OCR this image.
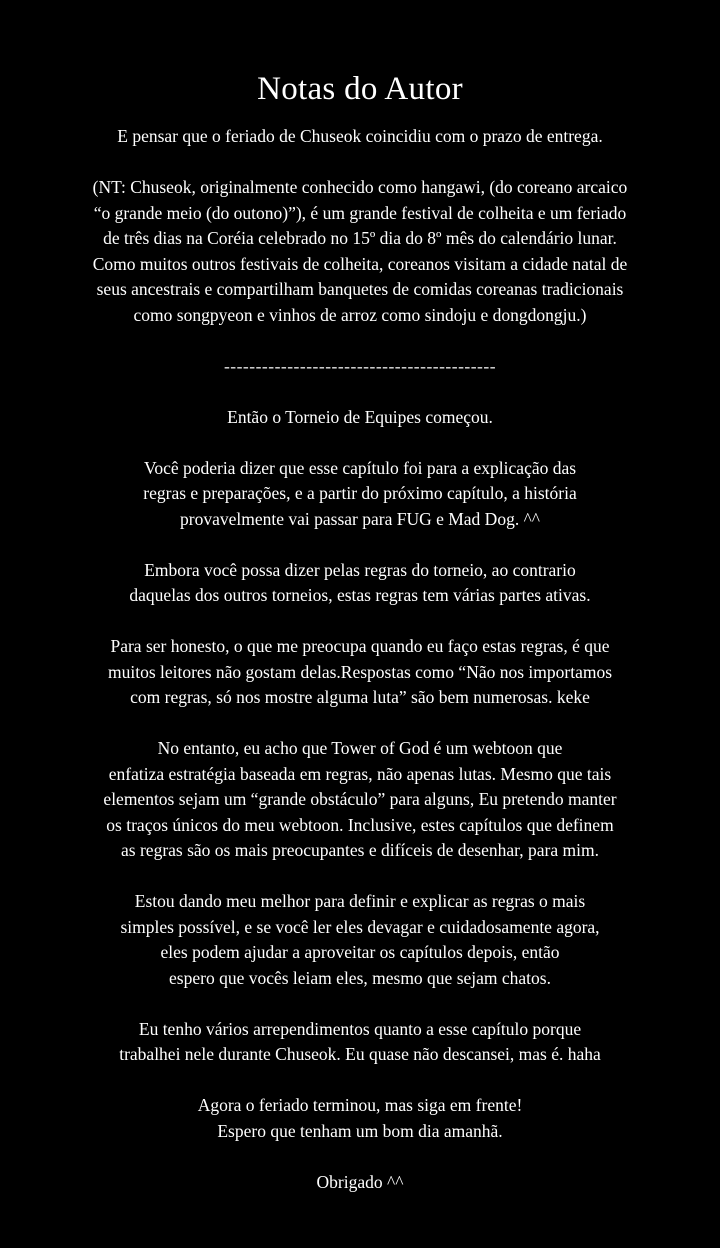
Notas do Autor

E pensar que o feriado de Chuseok coincidiu com o prazo de entrega.

(NT: Chuseok, originalmente conhecido como hangawi, (do coreano arcaico
“o grande meio (do outono)”), é um grande festival de colheita e um feriado
de três dias na Coréia celebrado no 15º dia do 8º mês do calendário lunar.
Como muitos outros festivais de colheita, coreanos visitam a cidade natal de
seus ancestrais e compartilham banquetes de comidas coreanas tradicionais
como songpyeon e vinhos de arroz como sindoju e dongdongju.)

-------------------------------------------

Então o Torneio de Equipes começou.

Você poderia dizer que esse capítulo foi para a explicação das
regras e preparações, e a partir do próximo capítulo, a história
provavelmente vai passar para FUG e Mad Dog. ^^

Embora você possa dizer pelas regras do torneio, ao contrario
daquelas dos outros torneios, estas regras tem várias partes ativas.

Para ser honesto, o que me preocupa quando eu faço estas regras, é que
muitos leitores não gostam delas.Respostas como “Não nos importamos
com regras, só nos mostre alguma luta” são bem numerosas. keke

No entanto, eu acho que Tower of God é um webtoon que
enfatiza estratégia baseada em regras, não apenas lutas. Mesmo que tais
elementos sejam um “grande obstáculo” para alguns, Eu pretendo manter
os traços únicos do meu webtoon. Inclusive, estes capítulos que definem
as regras são os mais preocupantes e difíceis de desenhar, para mim.

Estou dando meu melhor para definir e explicar as regras o mais
simples possível, e se você ler eles devagar e cuidadosamente agora,
eles podem ajudar a aproveitar os capítulos depois, então
espero que vocês leiam eles, mesmo que sejam chatos.

Eu tenho vários arrependimentos quanto a esse capítulo porque
trabalhei nele durante Chuseok. Eu quase não descansei, mas é. haha

Agora o feriado terminou, mas siga em frente!
Espero que tenham um bom dia amanhã.

Obrigado ^^
